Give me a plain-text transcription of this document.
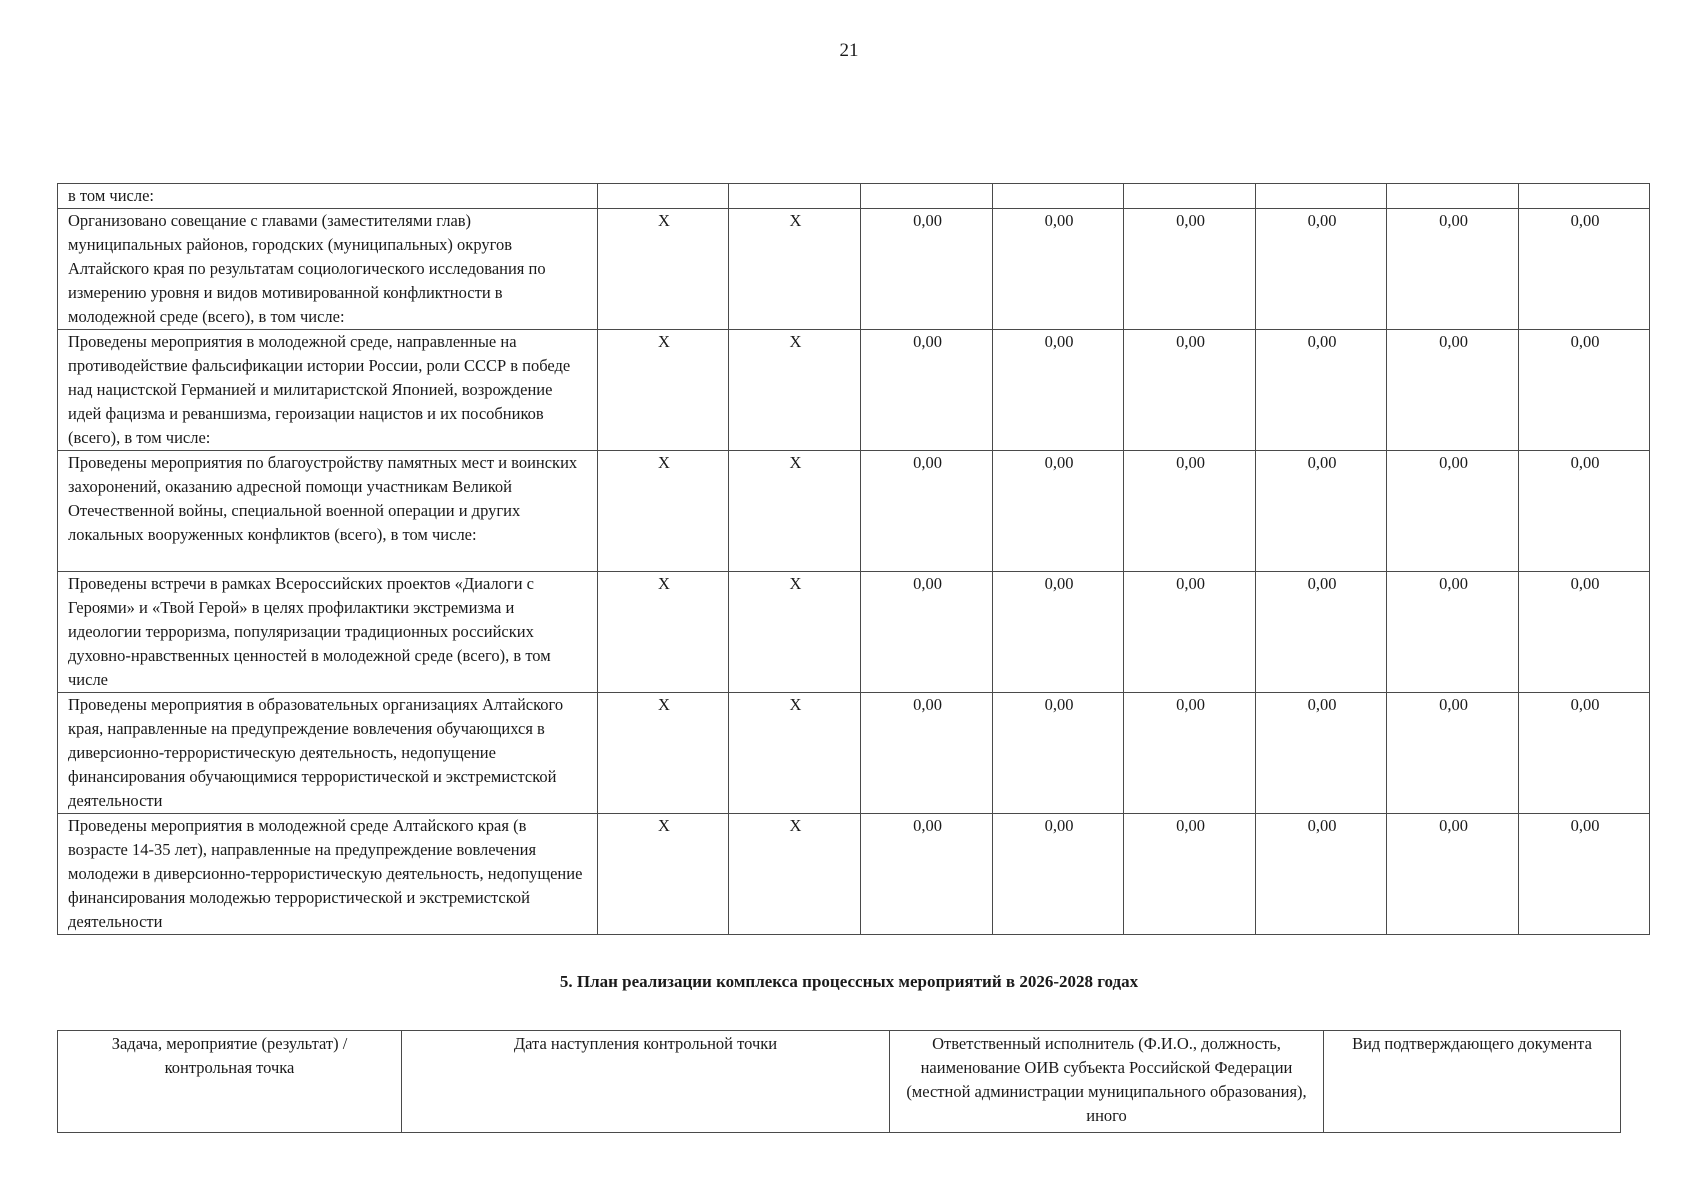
21
в том числе:								
Организовано совещание с главами (заместителями глав) муниципальных районов, городских (муниципальных) округов Алтайского края по результатам социологического исследования по измерению уровня и видов мотивированной конфликтности в молодежной среде (всего), в том числе:	X	X	0,00	0,00	0,00	0,00	0,00	0,00
Проведены мероприятия в молодежной среде, направленные на противодействие фальсификации истории России, роли СССР в победе над нацистской Германией и милитаристской Японией, возрождение идей фацизма и реваншизма, героизации нацистов и их пособников (всего), в том числе:	X	X	0,00	0,00	0,00	0,00	0,00	0,00
Проведены мероприятия по благоустройству памятных мест и воинских захоронений, оказанию адресной помощи участникам Великой Отечественной войны, специальной военной операции и других локальных вооруженных конфликтов (всего), в том числе:	X	X	0,00	0,00	0,00	0,00	0,00	0,00
Проведены встречи в рамках Всероссийских проектов «Диалоги с Героями» и «Твой Герой» в целях профилактики экстремизма и идеологии терроризма, популяризации традиционных российских духовно-нравственных ценностей в молодежной среде (всего), в том числе	X	X	0,00	0,00	0,00	0,00	0,00	0,00
Проведены мероприятия в образовательных организациях Алтайского края, направленные на предупреждение вовлечения обучающихся в диверсионно-террористическую деятельность, недопущение финансирования обучающимися террористической и экстремистской деятельности	X	X	0,00	0,00	0,00	0,00	0,00	0,00
Проведены мероприятия в молодежной среде Алтайского края (в возрасте 14-35 лет), направленные на предупреждение вовлечения молодежи в диверсионно-террористическую деятельность, недопущение финансирования молодежью террористической и экстремистской деятельности	X	X	0,00	0,00	0,00	0,00	0,00	0,00
5. План реализации комплекса процессных мероприятий в 2026-2028 годах
Задача, мероприятие (результат) / контрольная точка	Дата наступления контрольной точки	Ответственный исполнитель (Ф.И.О., должность, наименование ОИВ субъекта Российской Федерации (местной администрации муниципального образования), иного	Вид подтверждающего документа
